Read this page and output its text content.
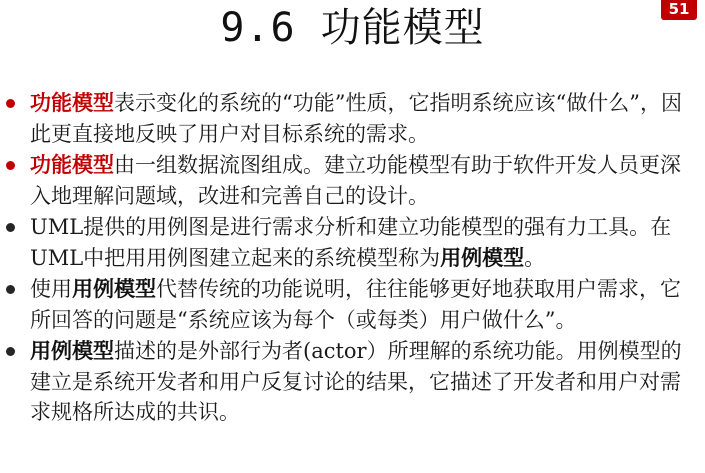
9.6 功能模型	51
功能模型表示变化的系统的“功能”性质，它指明系统应该“做什么”，因此更直接地反映了用户对目标系统的需求。
功能模型由一组数据流图组成。建立功能模型有助于软件开发人员更深入地理解问题域，改进和完善自己的设计。
UML提供的用例图是进行需求分析和建立功能模型的强有力工具。在UML中把用用例图建立起来的系统模型称为用例模型。
使用用例模型代替传统的功能说明，往往能够更好地获取用户需求，它所回答的问题是“系统应该为每个（或每类）用户做什么”。
用例模型描述的是外部行为者(actor）所理解的系统功能。用例模型的建立是系统开发者和用户反复讨论的结果，它描述了开发者和用户对需求规格所达成的共识。
